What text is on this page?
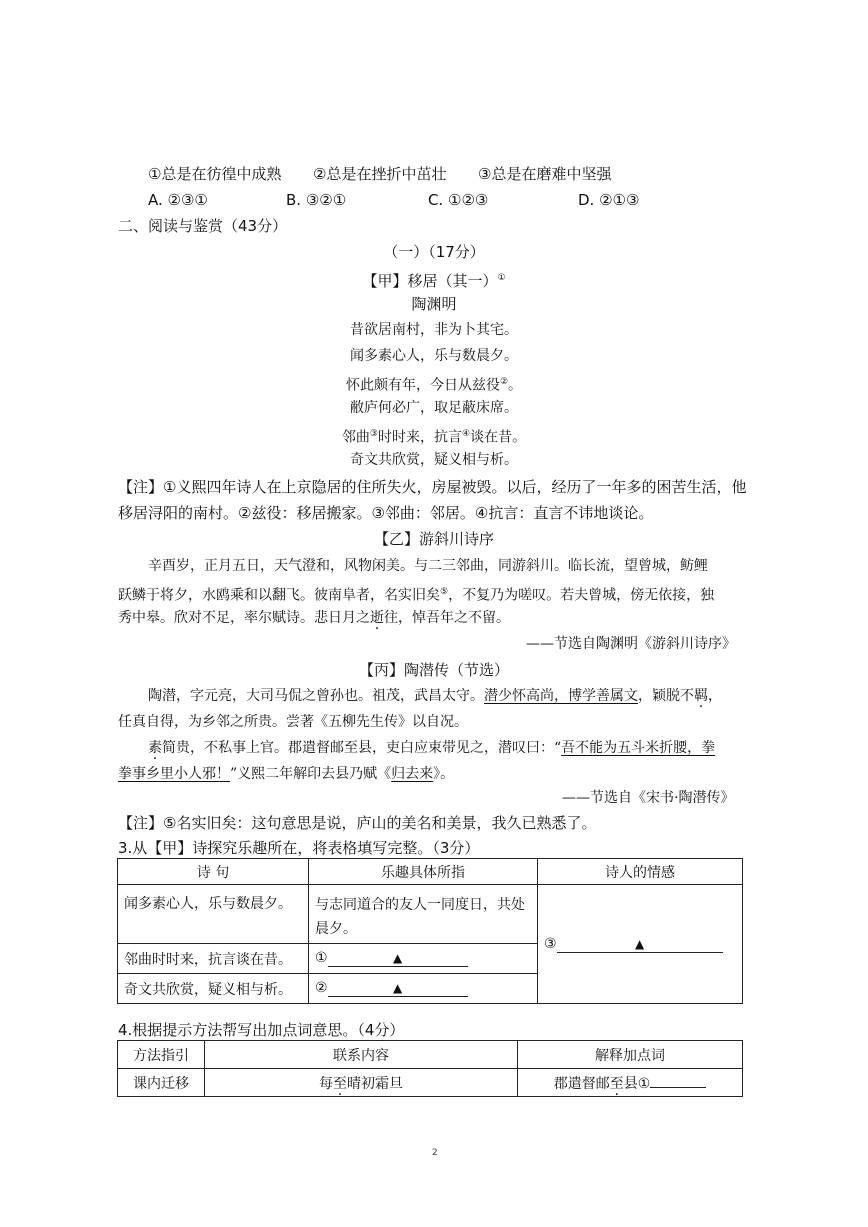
①总是在彷徨中成熟 ②总是在挫折中茁壮 ③总是在磨难中坚强
A. ②③①	B. ③②①	C. ①②③	D. ②①③
二、阅读与鉴赏（43分）
（一）（17分）
【甲】移居（其一）①
陶渊明
昔欲居南村，非为卜其宅。
闻多素心人，乐与数晨夕。
怀此颇有年，今日从兹役②。
敝庐何必广，取足蔽床席。
邻曲③时时来，抗言④谈在昔。
奇文共欣赏，疑义相与析。
【注】①义熙四年诗人在上京隐居的住所失火，房屋被毁。以后，经历了一年多的困苦生活，他
移居浔阳的南村。②兹役：移居搬家。③邻曲：邻居。④抗言：直言不讳地谈论。
【乙】游斜川诗序
辛酉岁，正月五日，天气澄和，风物闲美。与二三邻曲，同游斜川。临长流，望曾城，鲂鲤
跃鳞于将夕，水鸥乘和以翻飞。彼南阜者，名实旧矣⑤，不复乃为嗟叹。若夫曾城，傍无依接，独
秀中皋。欣对不足，率尔赋诗。悲日月之逝往，悼吾年之不留。
——节选自陶渊明《游斜川诗序》
【丙】陶潜传（节选）
陶潜，字元亮，大司马侃之曾孙也。祖茂，武昌太守。潜少怀高尚，博学善属文，颖脱不羁，
任真自得，为乡邻之所贵。尝著《五柳先生传》以自况。
素简贵，不私事上官。郡遣督邮至县，吏白应束带见之，潜叹曰：“吾不能为五斗米折腰，拳
拳事乡里小人邪！”义熙二年解印去县乃赋《归去来》。
——节选自《宋书·陶潜传》
【注】⑤名实旧矣：这句意思是说，庐山的美名和美景，我久已熟悉了。
3.从【甲】诗探究乐趣所在，将表格填写完整。（3分）
诗 句	乐趣具体所指	诗人的情感
闻多素心人，乐与数晨夕。	与志同道合的友人一同度日，共处晨夕。	③ ▲
邻曲时时来，抗言谈在昔。	① ▲	
奇文共欣赏，疑义相与析。	② ▲	
4.根据提示方法帮写出加点词意思。（4分）
方法指引	联系内容	解释加点词
课内迁移	每至晴初霜旦	郡遣督邮至县①
2
